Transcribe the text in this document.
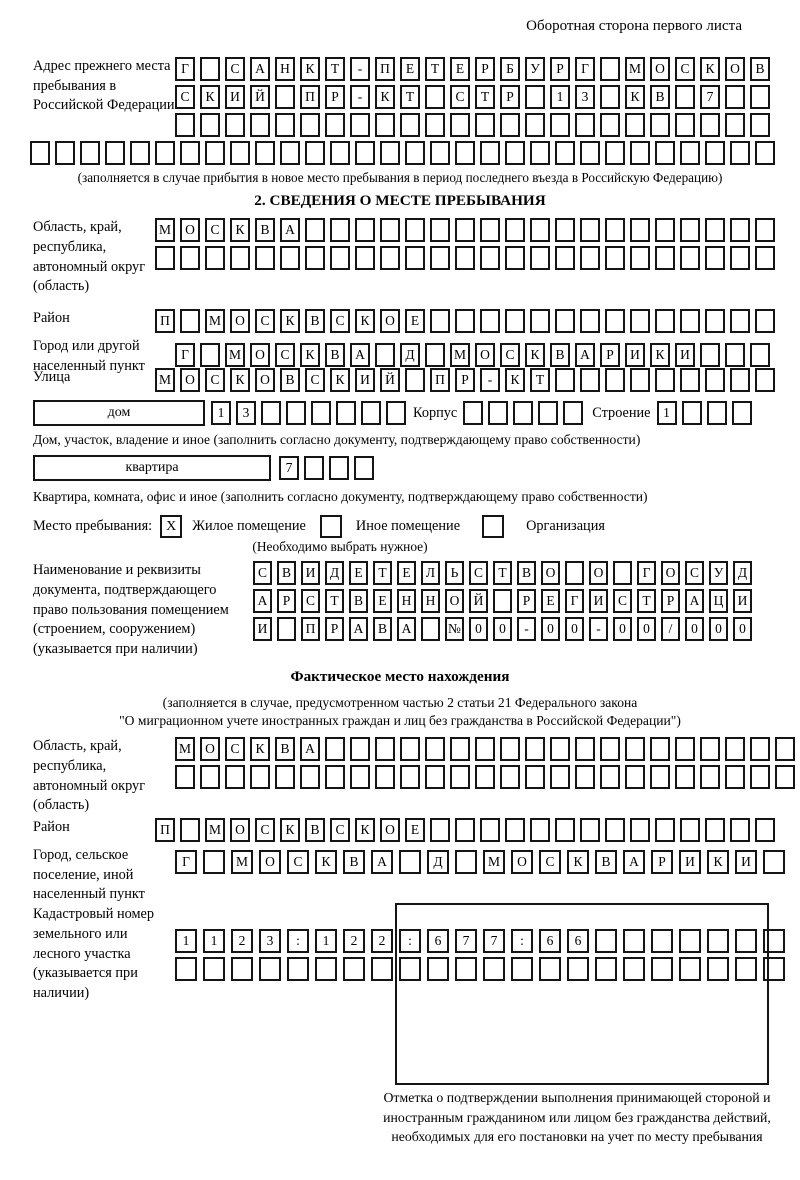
Оборотная сторона первого листа
Адрес прежнего места пребывания в Российской Федерации
Г	С А Н К Т - П Е Т Е Р Б У Р Г	М О С К О В
С К И Й	П Р - К Т	С Т Р	1 3	К В	7
(заполняется в случае прибытия в новое место пребывания в период последнего въезда в Российскую Федерацию)
2. СВЕДЕНИЯ О МЕСТЕ ПРЕБЫВАНИЯ
Область, край, республика, автономный округ (область)
М О С К В А
Район	П	М О С К В С К О Е
Город или другой населенный пункт
Г	М О С К В А	Д	М О С К В А Р И К И
Улица	М О С К О В С К И Й	П Р - К Т
дом	1 3	Корпус	Строение 1
Дом, участок, владение и иное (заполнить согласно документу, подтверждающему право собственности)
квартира	7
Квартира, комната, офис и иное (заполнить согласно документу, подтверждающему право собственности)
Место пребывания: X	Жилое помещение	Иное помещение	Организация
(Необходимо выбрать нужное)
Наименование и реквизиты документа, подтверждающего право пользования помещением (строением, сооружением) (указывается при наличии)
С В И Д Е Т Е Л Ь С Т В О	О	Г О С У Д
А Р С Т В Е Н Н О Й	Р Е Г И С Т Р А Ц И
И	П Р А В А	№ 0 0 - 0 0 - 0 0 / 0 0 0
Фактическое место нахождения
(заполняется в случае, предусмотренном частью 2 статьи 21 Федерального закона
"О миграционном учете иностранных граждан и лиц без гражданства в Российской Федерации")
Область, край, республика, автономный округ (область)
М О С К В А
Район	П	М О С К В С К О Е
Город, сельское поселение, иной населенный пункт
Г	М О С К В А	Д	М О С К В А Р И К И
Кадастровый номер земельного или лесного участка (указывается при наличии)
1 1 2 3 : 1 2 2 : 6 7 7 : 6 6
Отметка о подтверждении выполнения принимающей стороной и иностранным гражданином или лицом без гражданства действий, необходимых для его постановки на учет по месту пребывания
